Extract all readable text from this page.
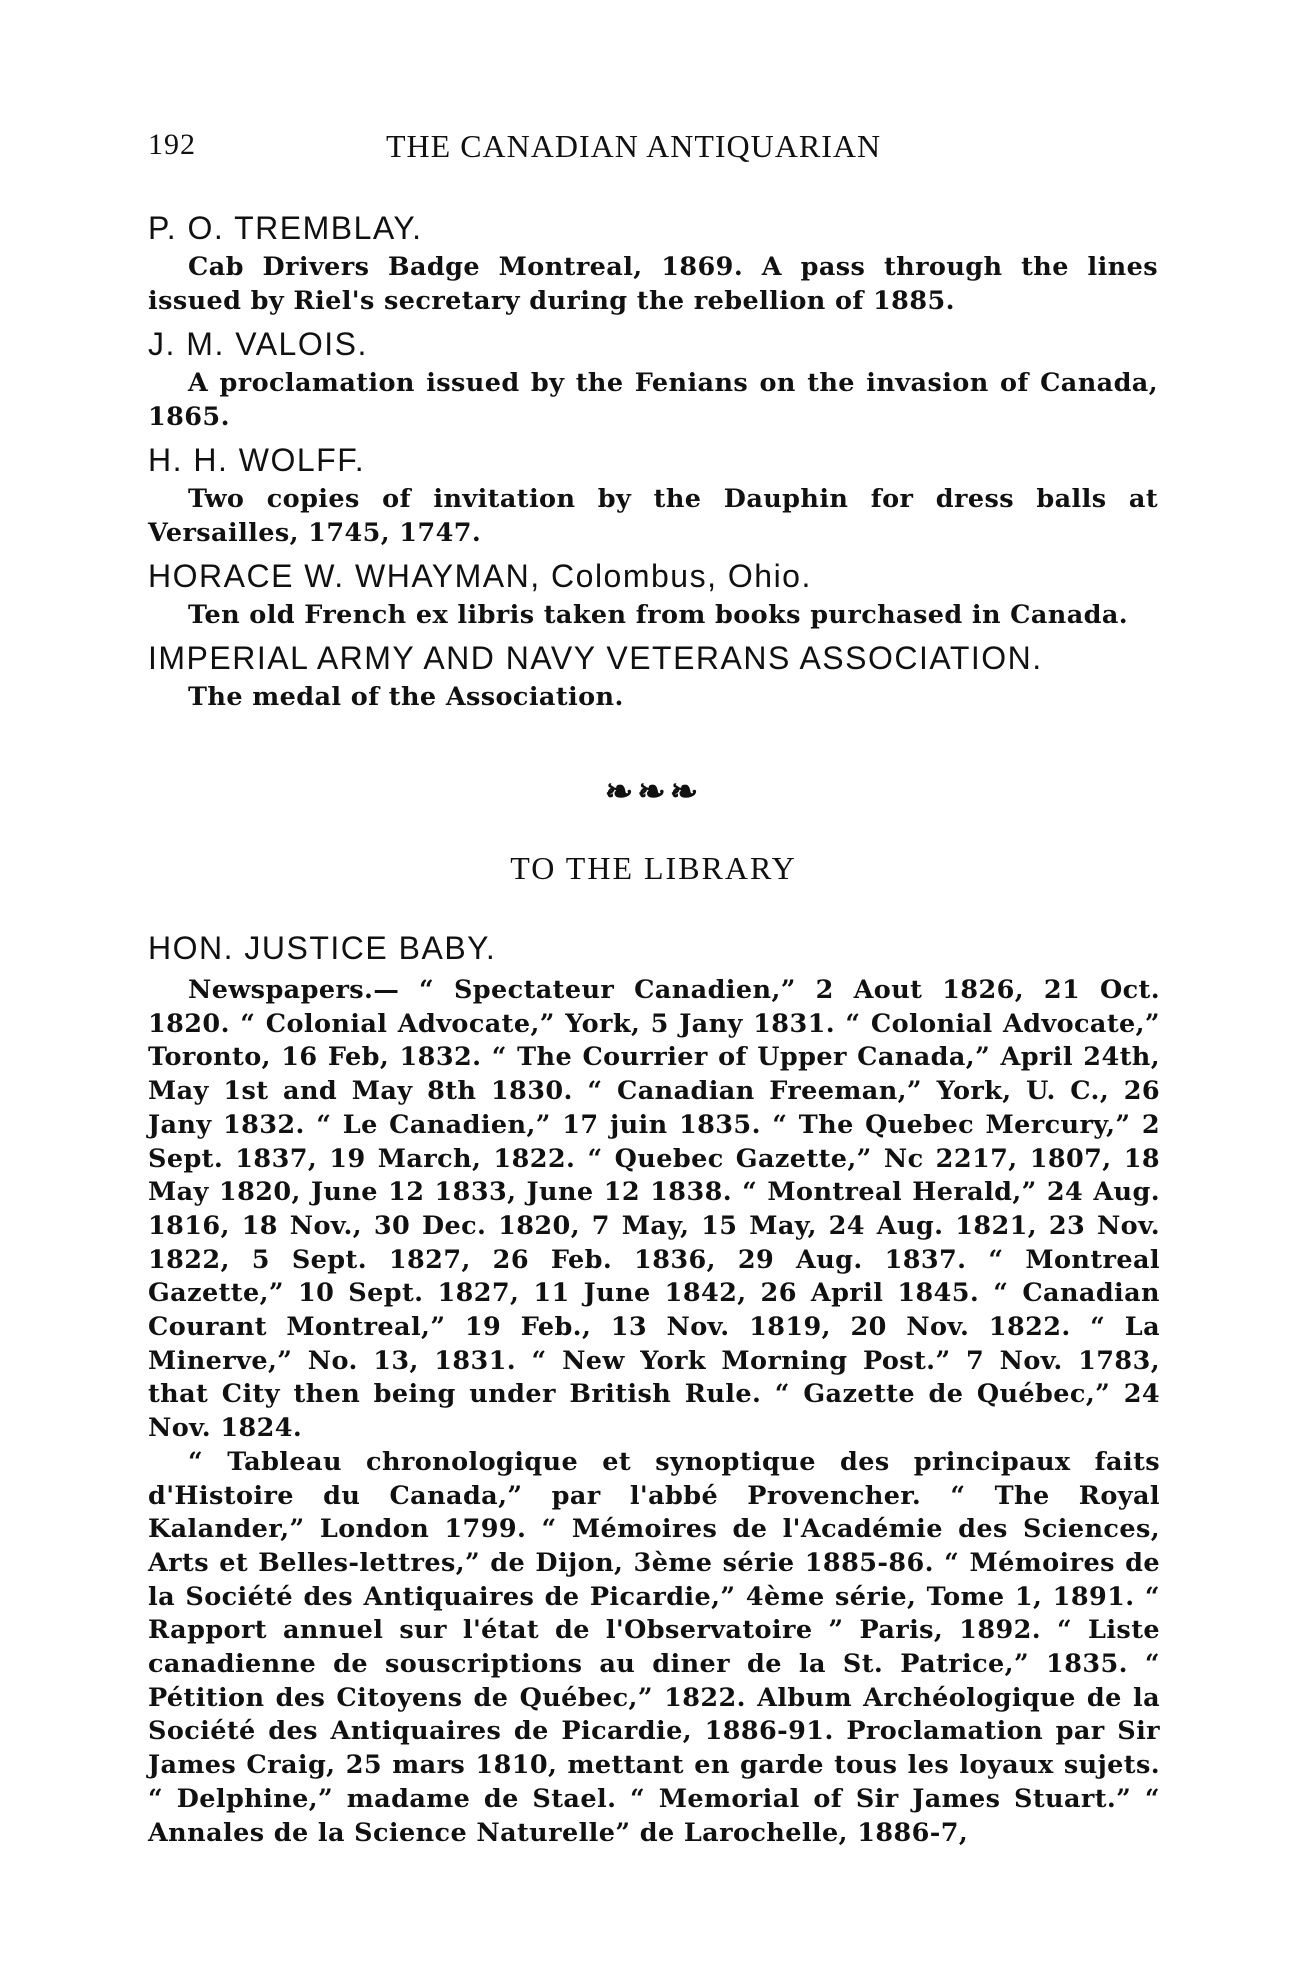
192	THE CANADIAN ANTIQUARIAN

P. O. TREMBLAY.

Cab Drivers Badge Montreal, 1869. A pass through the lines issued by Riel's secretary during the rebellion of 1885.

J. M. VALOIS.

A proclamation issued by the Fenians on the invasion of Canada, 1865.

H. H. WOLFF.

Two copies of invitation by the Dauphin for dress balls at Versailles, 1745, 1747.

HORACE W. WHAYMAN, Colombus, Ohio.

Ten old French ex libris taken from books purchased in Canada.

IMPERIAL ARMY AND NAVY VETERANS ASSOCIATION.

The medal of the Association.

❧❧❧
TO THE LIBRARY

HON. JUSTICE BABY.

Newspapers.— “ Spectateur Canadien,” 2 Aout 1826, 21 Oct. 1820. “ Colonial Advocate,” York, 5 Jany 1831. “ Colonial Advocate,” Toronto, 16 Feb, 1832. “ The Courrier of Upper Canada,” April 24th, May 1st and May 8th 1830. “ Canadian Freeman,” York, U. C., 26 Jany 1832. “ Le Canadien,” 17 juin 1835. “ The Quebec Mercury,” 2 Sept. 1837, 19 March, 1822. “ Quebec Gazette,” Nc 2217, 1807, 18 May 1820, June 12 1833, June 12 1838. “ Montreal Herald,” 24 Aug. 1816, 18 Nov., 30 Dec. 1820, 7 May, 15 May, 24 Aug. 1821, 23 Nov. 1822, 5 Sept. 1827, 26 Feb. 1836, 29 Aug. 1837. “ Montreal Gazette,” 10 Sept. 1827, 11 June 1842, 26 April 1845. “ Canadian Courant Montreal,” 19 Feb., 13 Nov. 1819, 20 Nov. 1822. “ La Minerve,” No. 13, 1831. “ New York Morning Post.” 7 Nov. 1783, that City then being under British Rule. “ Gazette de Québec,” 24 Nov. 1824.

“ Tableau chronologique et synoptique des principaux faits d'Histoire du Canada,” par l'abbé Provencher. “ The Royal Kalander,” London 1799. “ Mémoires de l'Académie des Sciences, Arts et Belles-lettres,” de Dijon, 3ème série 1885-86. “ Mémoires de la Société des Antiquaires de Picardie,” 4ème série, Tome 1, 1891. “ Rapport annuel sur l'état de l'Observatoire ” Paris, 1892. “ Liste canadienne de souscriptions au diner de la St. Patrice,” 1835. “ Pétition des Citoyens de Québec,” 1822. Album Archéologique de la Société des Antiquaires de Picardie, 1886-91. Proclamation par Sir James Craig, 25 mars 1810, mettant en garde tous les loyaux sujets. “ Delphine,” madame de Stael. “ Memorial of Sir James Stuart.” “ Annales de la Science Naturelle” de Larochelle, 1886-7,
